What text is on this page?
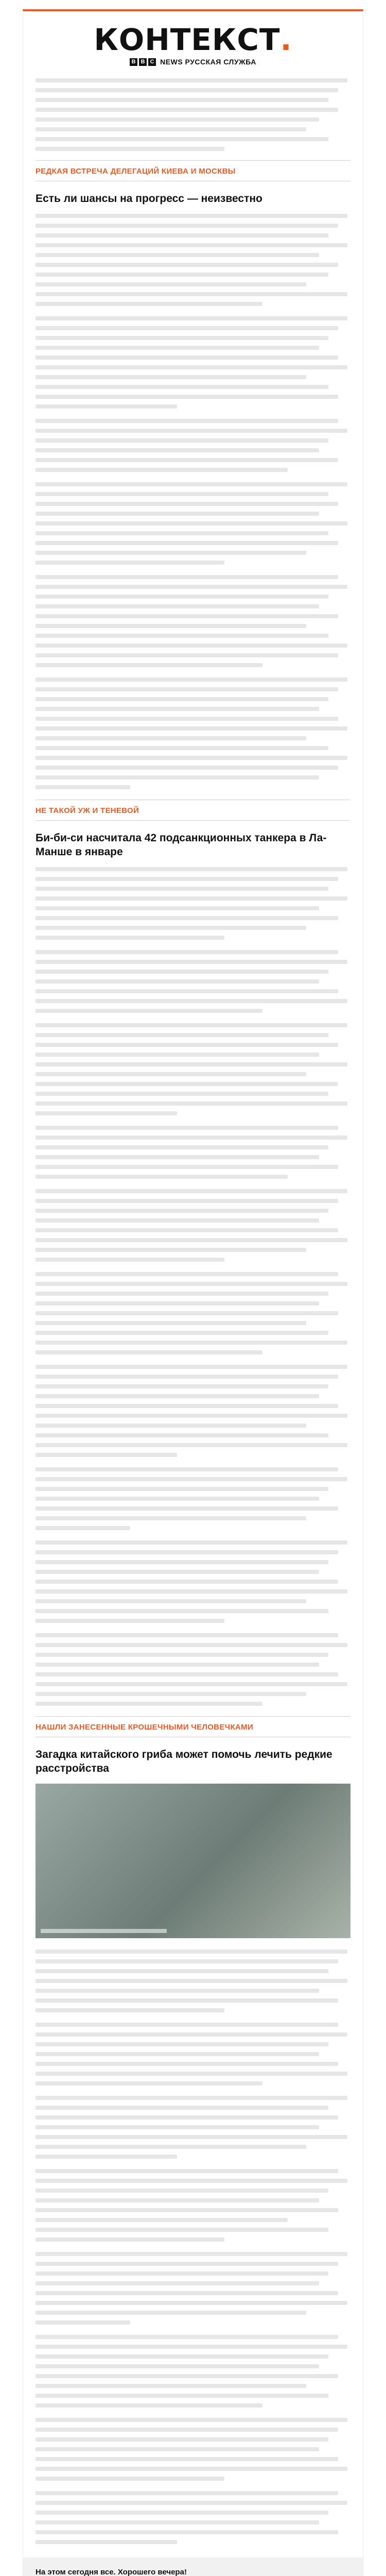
КОНТЕКСТ.
B B C NEWS РУССКАЯ СЛУЖБА
РЕДКАЯ ВСТРЕЧА ДЕЛЕГАЦИЙ КИЕВА И МОСКВЫ
Есть ли шансы на прогресс — неизвестно
НЕ ТАКОЙ УЖ И ТЕНЕВОЙ
Би-би-си насчитала 42 подсанкционных танкера в Ла-Манше в январе
НАШЛИ ЗАНЕСЕННЫЕ КРОШЕЧНЫМИ ЧЕЛОВЕЧКАМИ
Загадка китайского гриба может помочь лечить редкие расстройства
На этом сегодня все. Хорошего вечера!
